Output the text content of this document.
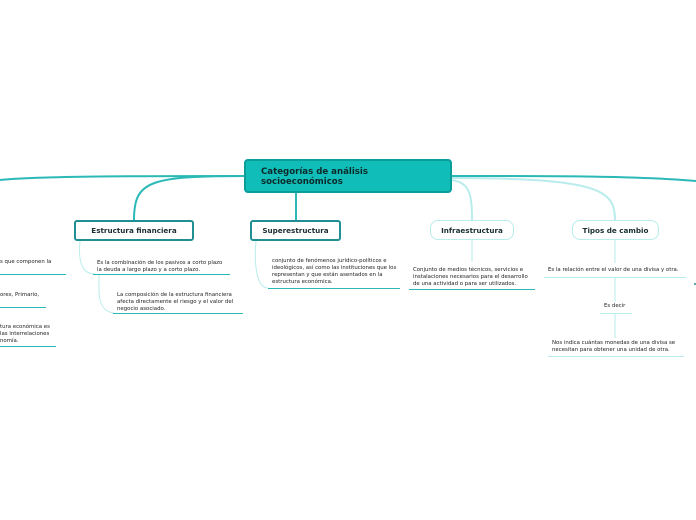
Categorías de análisis socioeconómicos
Estructura financiera	Superestructura	Infraestructura	Tipos de cambio
Es la combinación de los pasivos a corto plazo la deuda a largo plazo y a corto plazo.
La composición de la estructura financiera afecta directamente el riesgo y el valor del negocio asociado.
conjunto de fenómenos jurídico-políticos e ideológicos, así como las instituciones que los representan y que están asentados en la estructura económica.
Conjunto de medios técnicos, servicios e instalaciones necesarios para el desarrollo de una actividad o para ser utilizados.
Es la relación entre el valor de una divisa y otra.
Es decir
Nos indica cuántas monedas de una divisa se necesitan para obtener una unidad de otra.
s que componen la
ores, Primario,
tura económica es
las interrelaciones
nomía.
